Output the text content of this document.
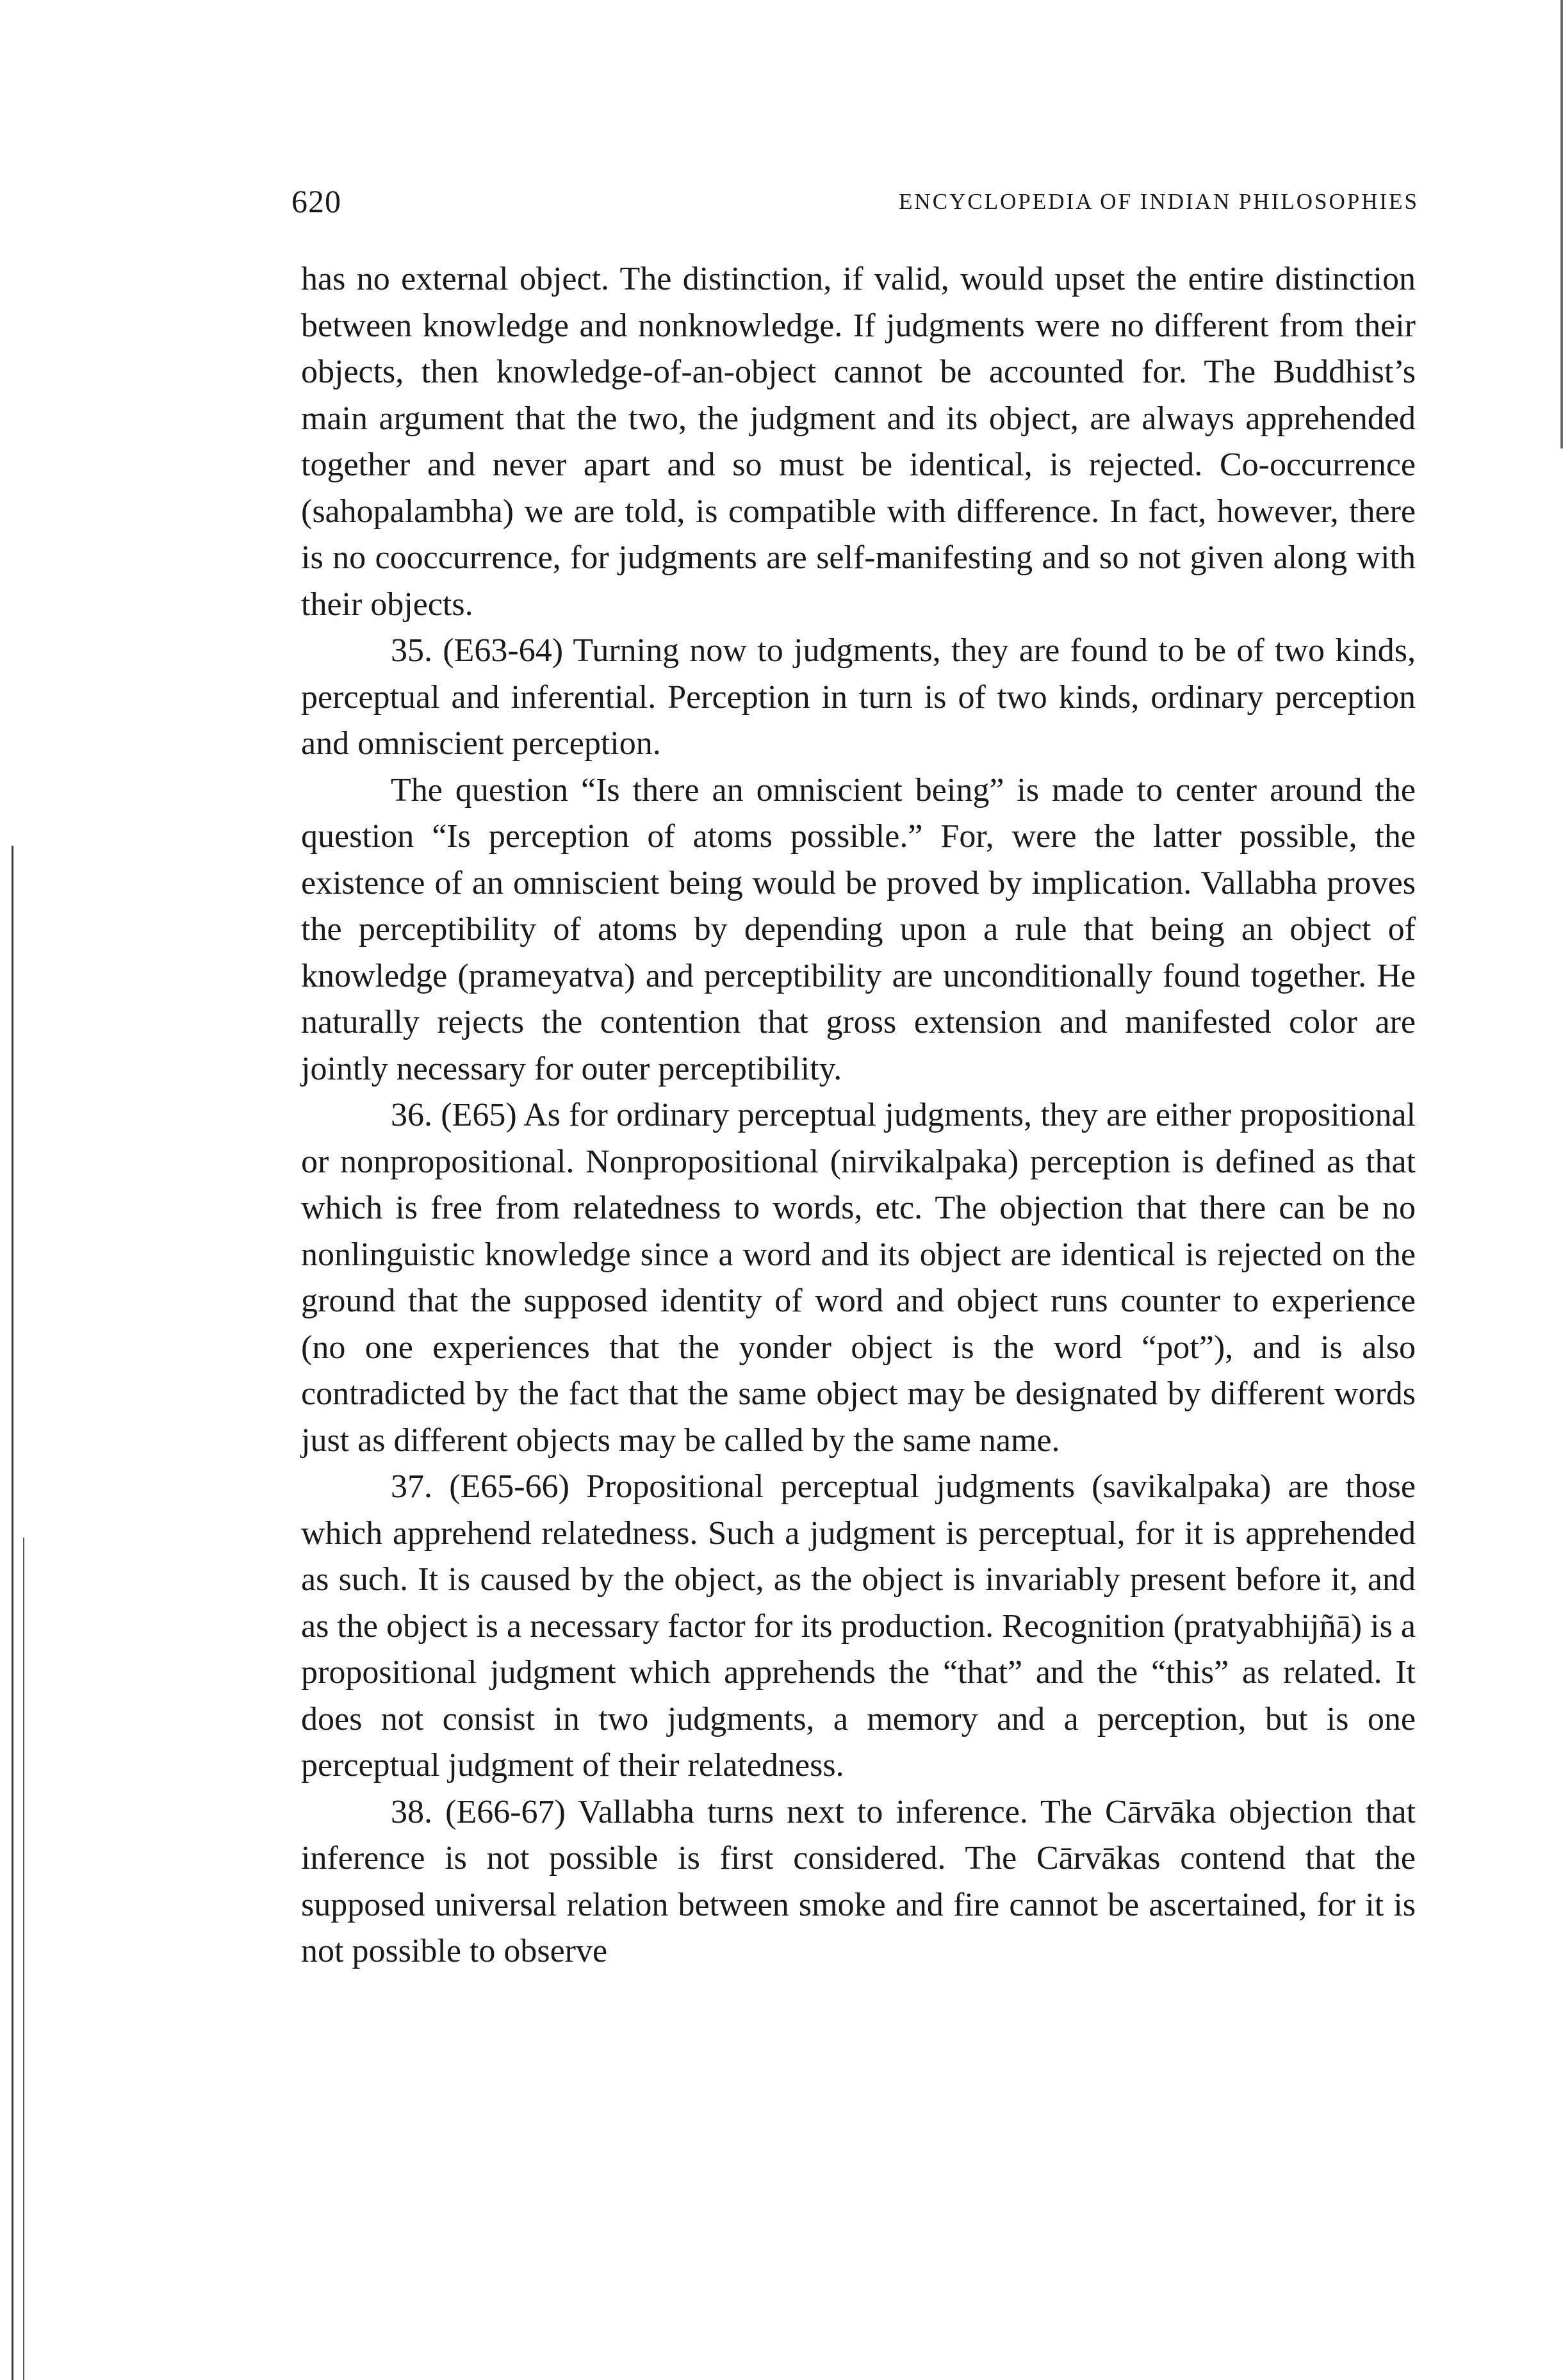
620	ENCYCLOPEDIA OF INDIAN PHILOSOPHIES

has no external object. The distinction, if valid, would upset the entire distinction between knowledge and nonknowledge. If judgments were no different from their objects, then knowledge-of-an-object cannot be accounted for. The Buddhist’s main argument that the two, the judgment and its object, are always apprehended together and never apart and so must be identical, is rejected. Co-occurrence (sahopalambha) we are told, is compatible with difference. In fact, however, there is no cooccurrence, for judgments are self-manifesting and so not given along with their objects.

35. (E63-64) Turning now to judgments, they are found to be of two kinds, perceptual and inferential. Perception in turn is of two kinds, ordinary perception and omniscient perception.

The question “Is there an omniscient being” is made to center around the question “Is perception of atoms possible.” For, were the latter possible, the existence of an omniscient being would be proved by implication. Vallabha proves the perceptibility of atoms by depending upon a rule that being an object of knowledge (prameyatva) and perceptibility are unconditionally found together. He naturally rejects the contention that gross extension and manifested color are jointly necessary for outer perceptibility.

36. (E65) As for ordinary perceptual judgments, they are either propositional or nonpropositional. Nonpropositional (nirvikalpaka) perception is defined as that which is free from relatedness to words, etc. The objection that there can be no nonlinguistic knowledge since a word and its object are identical is rejected on the ground that the supposed identity of word and object runs counter to experience (no one experiences that the yonder object is the word “pot”), and is also contradicted by the fact that the same object may be designated by different words just as different objects may be called by the same name.

37. (E65-66) Propositional perceptual judgments (savikalpaka) are those which apprehend relatedness. Such a judgment is perceptual, for it is apprehended as such. It is caused by the object, as the object is invariably present before it, and as the object is a necessary factor for its production. Recognition (pratyabhijñā) is a propositional judgment which apprehends the “that” and the “this” as related. It does not consist in two judgments, a memory and a perception, but is one perceptual judgment of their relatedness.

38. (E66-67) Vallabha turns next to inference. The Cārvāka objection that inference is not possible is first considered. The Cārvākas contend that the supposed universal relation between smoke and fire cannot be ascertained, for it is not possible to observe
